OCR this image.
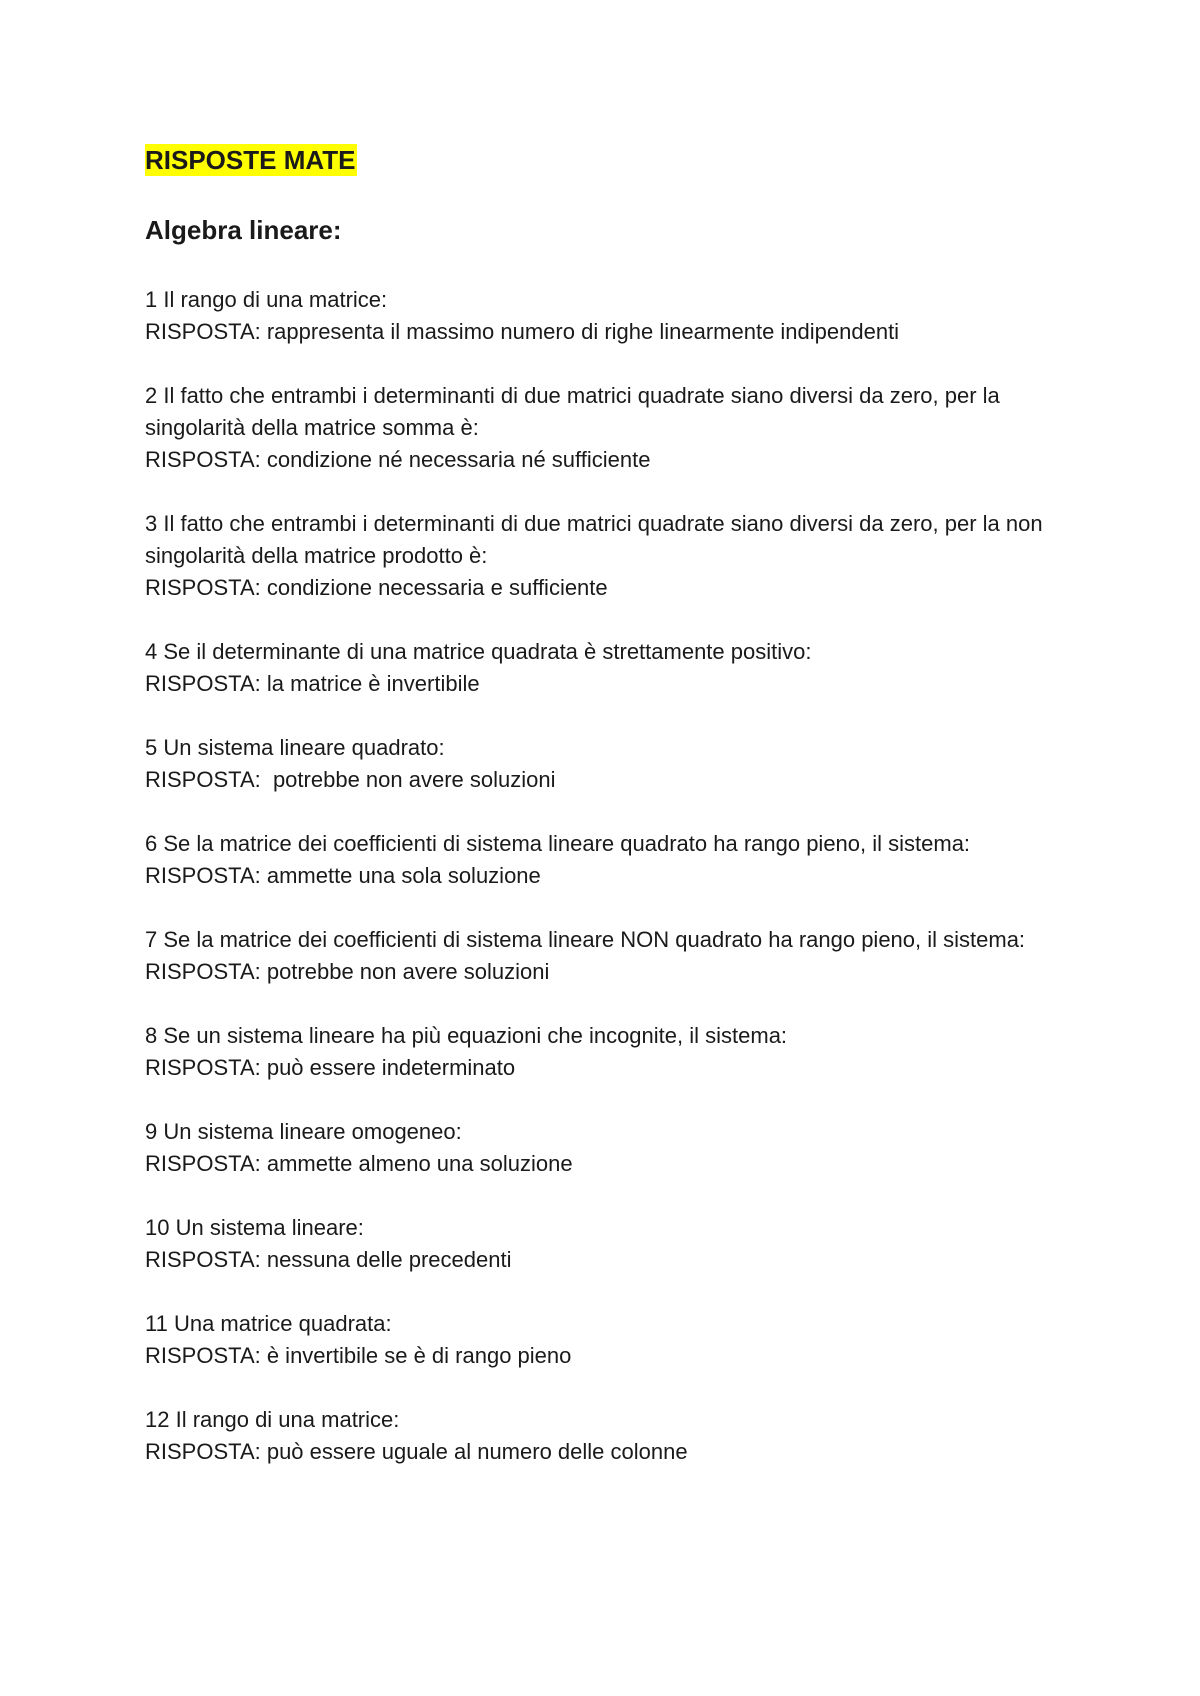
RISPOSTE MATE
Algebra lineare:

1 Il rango di una matrice:

RISPOSTA: rappresenta il massimo numero di righe linearmente indipendenti

2 Il fatto che entrambi i determinanti di due matrici quadrate siano diversi da zero, per la singolarità della matrice somma è:

RISPOSTA: condizione né necessaria né sufficiente

3 Il fatto che entrambi i determinanti di due matrici quadrate siano diversi da zero, per la non singolarità della matrice prodotto è:

RISPOSTA: condizione necessaria e sufficiente

4 Se il determinante di una matrice quadrata è strettamente positivo:

RISPOSTA: la matrice è invertibile

5 Un sistema lineare quadrato:

RISPOSTA:  potrebbe non avere soluzioni

6 Se la matrice dei coefficienti di sistema lineare quadrato ha rango pieno, il sistema:

RISPOSTA: ammette una sola soluzione

7 Se la matrice dei coefficienti di sistema lineare NON quadrato ha rango pieno, il sistema:

RISPOSTA: potrebbe non avere soluzioni

8 Se un sistema lineare ha più equazioni che incognite, il sistema:

RISPOSTA: può essere indeterminato

9 Un sistema lineare omogeneo:

RISPOSTA: ammette almeno una soluzione

10 Un sistema lineare:

RISPOSTA: nessuna delle precedenti

11 Una matrice quadrata:

RISPOSTA: è invertibile se è di rango pieno

12 Il rango di una matrice:

RISPOSTA: può essere uguale al numero delle colonne
